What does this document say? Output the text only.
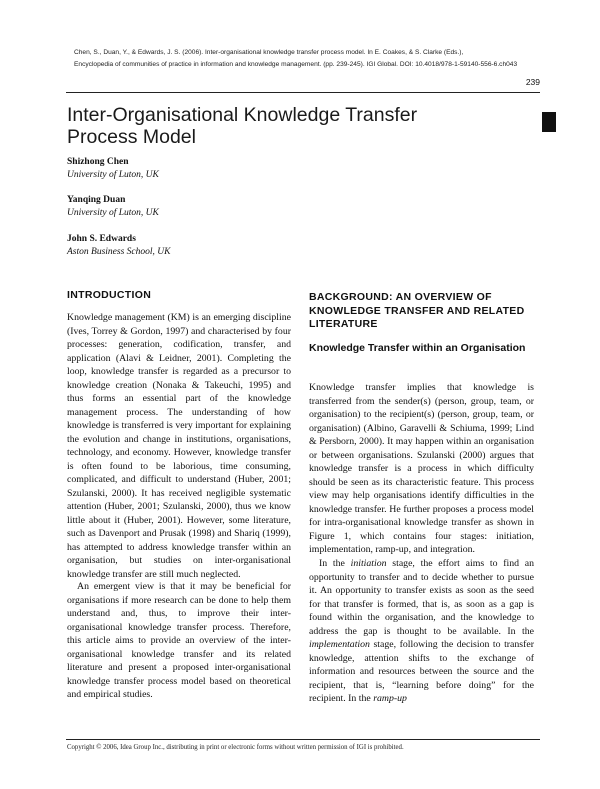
Chen, S., Duan, Y., & Edwards, J. S. (2006). Inter-organisational knowledge transfer process model. In E. Coakes, & S. Clarke (Eds.),
Encyclopedia of communities of practice in information and knowledge management. (pp. 239-245). IGI Global. DOI: 10.4018/978-1-59140-556-6.ch043
239
Inter-Organisational Knowledge Transfer
Process Model
Shizhong Chen
University of Luton, UK
Yanqing Duan
University of Luton, UK
John S. Edwards
Aston Business School, UK
INTRODUCTION

Knowledge management (KM) is an emerging discipline (Ives, Torrey & Gordon, 1997) and characterised by four processes: generation, codification, transfer, and application (Alavi & Leidner, 2001). Completing the loop, knowledge transfer is regarded as a precursor to knowledge creation (Nonaka & Takeuchi, 1995) and thus forms an essential part of the knowledge management process. The understanding of how knowledge is transferred is very important for explaining the evolution and change in institutions, organisations, technology, and economy. However, knowledge transfer is often found to be laborious, time consuming, complicated, and difficult to understand (Huber, 2001; Szulanski, 2000). It has received negligible systematic attention (Huber, 2001; Szulanski, 2000), thus we know little about it (Huber, 2001). However, some literature, such as Davenport and Prusak (1998) and Shariq (1999), has attempted to address knowledge transfer within an organisation, but studies on inter-organisational knowledge transfer are still much neglected.

An emergent view is that it may be beneficial for organisations if more research can be done to help them understand and, thus, to improve their inter-organisational knowledge transfer process. Therefore, this article aims to provide an overview of the inter-organisational knowledge transfer and its related literature and present a proposed inter-organisational knowledge transfer process model based on theoretical and empirical studies.

BACKGROUND: AN OVERVIEW OF KNOWLEDGE TRANSFER AND RELATED LITERATURE
Knowledge Transfer within an Organisation

Knowledge transfer implies that knowledge is transferred from the sender(s) (person, group, team, or organisation) to the recipient(s) (person, group, team, or organisation) (Albino, Garavelli & Schiuma, 1999; Lind & Persborn, 2000). It may happen within an organisation or between organisations. Szulanski (2000) argues that knowledge transfer is a process in which difficulty should be seen as its characteristic feature. This process view may help organisations identify difficulties in the knowledge transfer. He further proposes a process model for intra-organisational knowledge transfer as shown in Figure 1, which contains four stages: initiation, implementation, ramp-up, and integration.

In the initiation stage, the effort aims to find an opportunity to transfer and to decide whether to pursue it. An opportunity to transfer exists as soon as the seed for that transfer is formed, that is, as soon as a gap is found within the organisation, and the knowledge to address the gap is thought to be available. In the implementation stage, following the decision to transfer knowledge, attention shifts to the exchange of information and resources between the source and the recipient, that is, “learning before doing” for the recipient. In the ramp-up

Copyright © 2006, Idea Group Inc., distributing in print or electronic forms without written permission of IGI is prohibited.
